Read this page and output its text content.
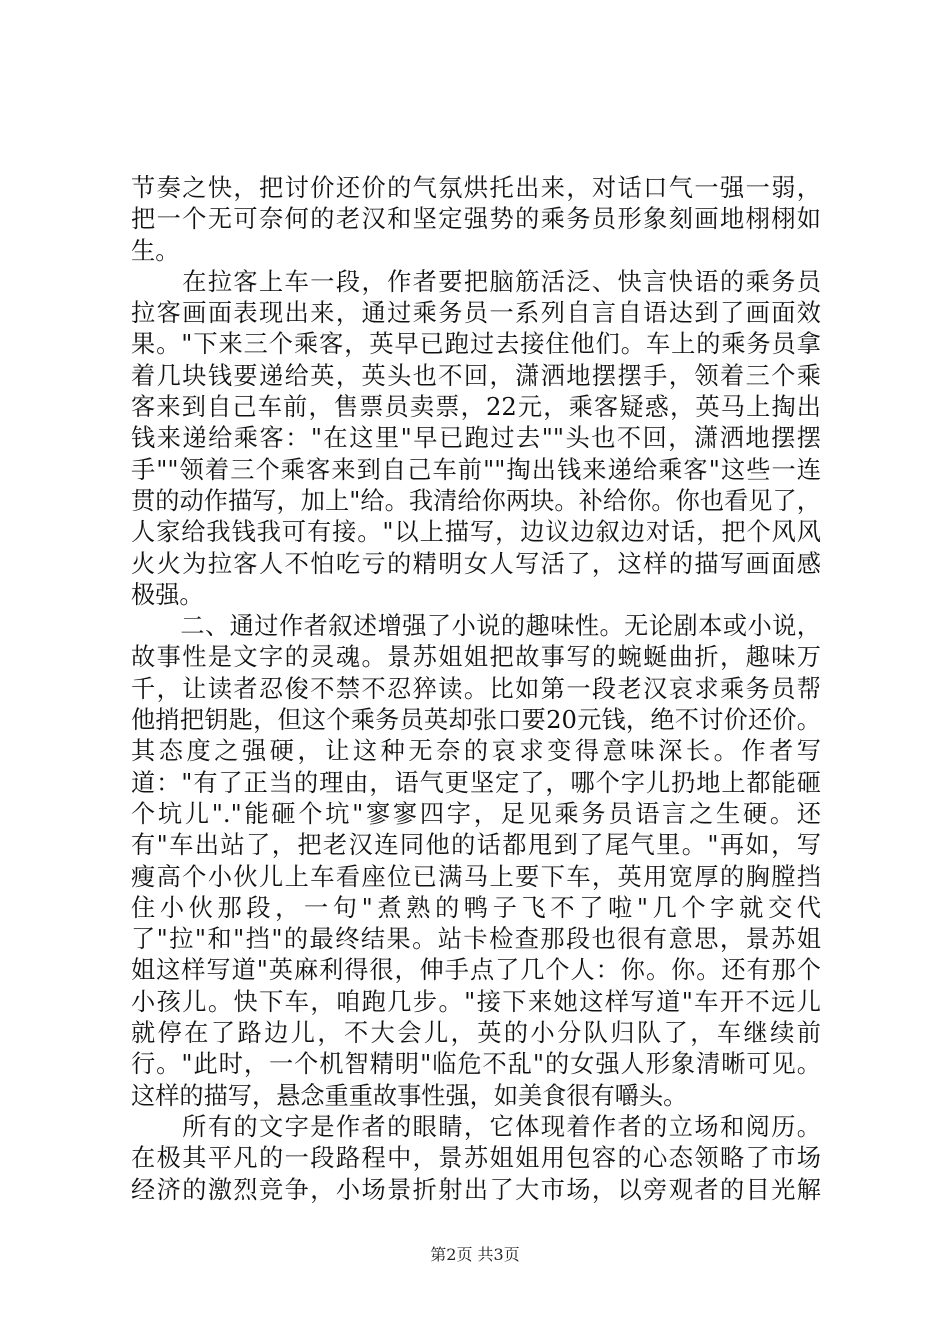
节奏之快，把讨价还价的气氛烘托出来，对话口气一强一弱，
把一个无可奈何的老汉和坚定强势的乘务员形象刻画地栩栩如
生。
　　在拉客上车一段，作者要把脑筋活泛、快言快语的乘务员
拉客画面表现出来，通过乘务员一系列自言自语达到了画面效
果。"下来三个乘客，英早已跑过去接住他们。车上的乘务员拿
着几块钱要递给英，英头也不回，潇洒地摆摆手，领着三个乘
客来到自己车前，售票员卖票，22元，乘客疑惑，英马上掏出
钱来递给乘客："在这里"早已跑过去""头也不回，潇洒地摆摆
手""领着三个乘客来到自己车前""掏出钱来递给乘客"这些一连
贯的动作描写，加上"给。我清给你两块。补给你。你也看见了，
人家给我钱我可有接。"以上描写，边议边叙边对话，把个风风
火火为拉客人不怕吃亏的精明女人写活了，这样的描写画面感
极强。
　　二、通过作者叙述增强了小说的趣味性。无论剧本或小说，
故事性是文字的灵魂。景苏姐姐把故事写的蜿蜒曲折，趣味万
千，让读者忍俊不禁不忍猝读。比如第一段老汉哀求乘务员帮
他捎把钥匙，但这个乘务员英却张口要20元钱，绝不讨价还价。
其态度之强硬，让这种无奈的哀求变得意味深长。作者写
道："有了正当的理由，语气更坚定了，哪个字儿扔地上都能砸
个坑儿"."能砸个坑"寥寥四字，足见乘务员语言之生硬。还
有"车出站了，把老汉连同他的话都甩到了尾气里。"再如，写
瘦高个小伙儿上车看座位已满马上要下车，英用宽厚的胸膛挡
住小伙那段，一句"煮熟的鸭子飞不了啦"几个字就交代
了"拉"和"挡"的最终结果。站卡检查那段也很有意思，景苏姐
姐这样写道"英麻利得很，伸手点了几个人：你。你。还有那个
小孩儿。快下车，咱跑几步。"接下来她这样写道"车开不远儿
就停在了路边儿，不大会儿，英的小分队归队了，车继续前
行。"此时，一个机智精明"临危不乱"的女强人形象清晰可见。
这样的描写，悬念重重故事性强，如美食很有嚼头。
　　所有的文字是作者的眼睛，它体现着作者的立场和阅历。
在极其平凡的一段路程中，景苏姐姐用包容的心态领略了市场
经济的激烈竞争，小场景折射出了大市场，以旁观者的目光解
第2页 共3页
